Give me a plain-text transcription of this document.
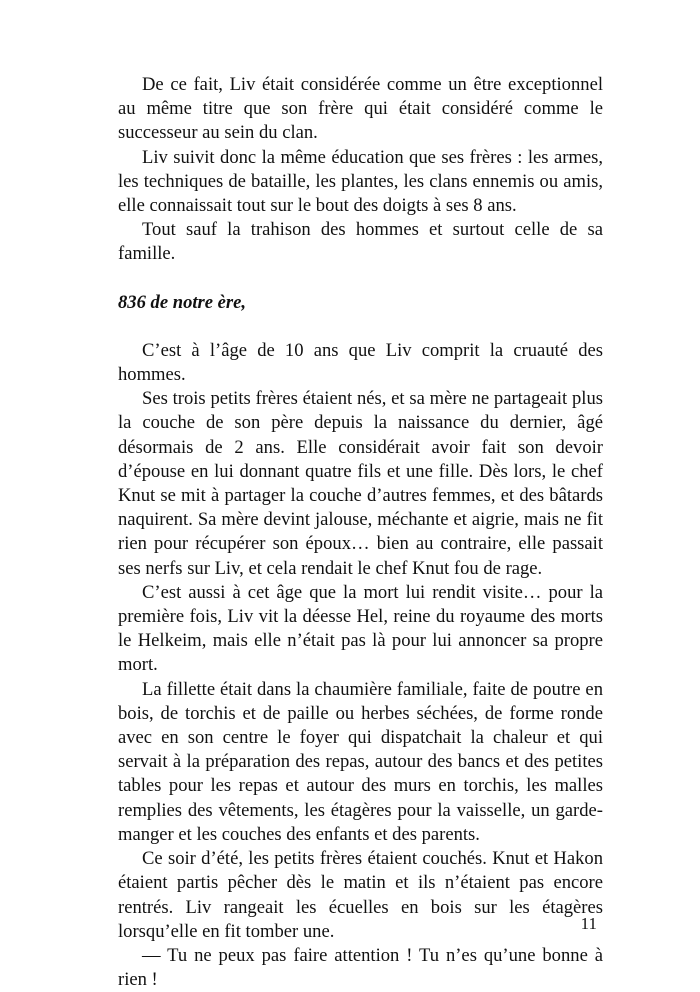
De ce fait, Liv était considérée comme un être exceptionnel au même titre que son frère qui était considéré comme le successeur au sein du clan.

Liv suivit donc la même éducation que ses frères : les armes, les techniques de bataille, les plantes, les clans ennemis ou amis, elle connaissait tout sur le bout des doigts à ses 8 ans.

Tout sauf la trahison des hommes et surtout celle de sa famille.

836 de notre ère,

C’est à l’âge de 10 ans que Liv comprit la cruauté des hommes.

Ses trois petits frères étaient nés, et sa mère ne partageait plus la couche de son père depuis la naissance du dernier, âgé désormais de 2 ans. Elle considérait avoir fait son devoir d’épouse en lui donnant quatre fils et une fille. Dès lors, le chef Knut se mit à partager la couche d’autres femmes, et des bâtards naquirent. Sa mère devint jalouse, méchante et aigrie, mais ne fit rien pour récupérer son époux… bien au contraire, elle passait ses nerfs sur Liv, et cela rendait le chef Knut fou de rage.

C’est aussi à cet âge que la mort lui rendit visite… pour la première fois, Liv vit la déesse Hel, reine du royaume des morts le Helkeim, mais elle n’était pas là pour lui annoncer sa propre mort.

La fillette était dans la chaumière familiale, faite de poutre en bois, de torchis et de paille ou herbes séchées, de forme ronde avec en son centre le foyer qui dispatchait la chaleur et qui servait à la préparation des repas, autour des bancs et des petites tables pour les repas et autour des murs en torchis, les malles remplies des vêtements, les étagères pour la vaisselle, un garde-manger et les couches des enfants et des parents.

Ce soir d’été, les petits frères étaient couchés. Knut et Hakon étaient partis pêcher dès le matin et ils n’étaient pas encore rentrés. Liv rangeait les écuelles en bois sur les étagères lorsqu’elle en fit tomber une.

— Tu ne peux pas faire attention ! Tu n’es qu’une bonne à rien !

11
